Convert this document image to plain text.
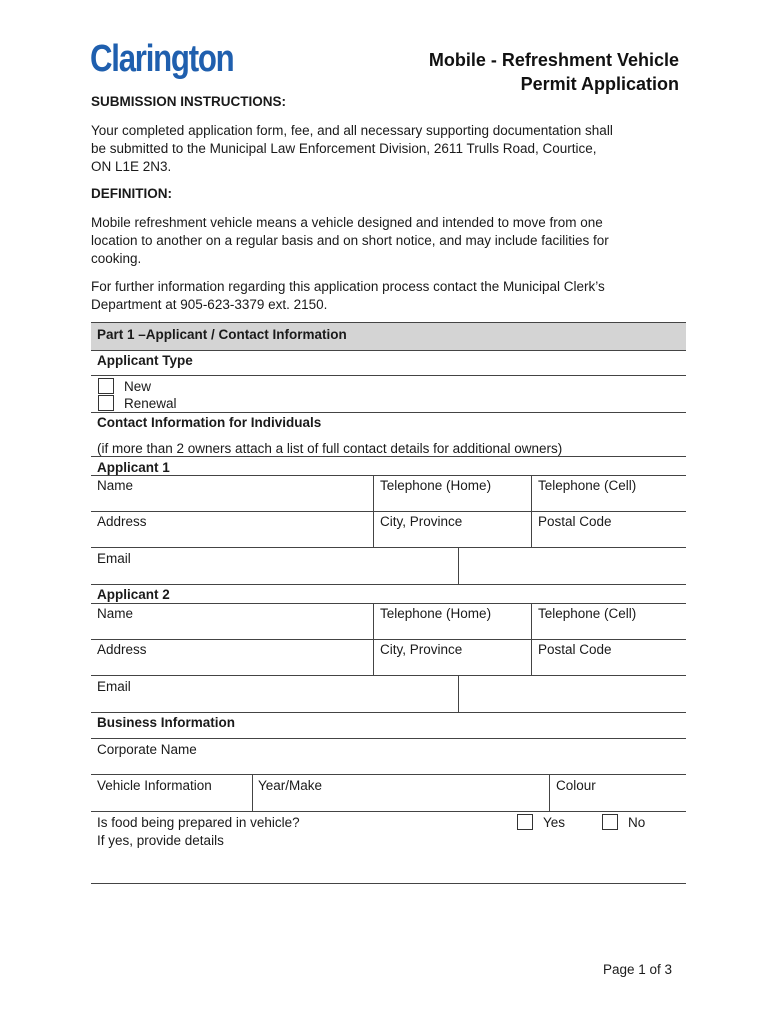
Clarington	Mobile - Refreshment Vehicle
Permit Application
SUBMISSION INSTRUCTIONS:
Your completed application form, fee, and all necessary supporting documentation shall
be submitted to the Municipal Law Enforcement Division, 2611 Trulls Road, Courtice,
ON L1E 2N3.
DEFINITION:
Mobile refreshment vehicle means a vehicle designed and intended to move from one
location to another on a regular basis and on short notice, and may include facilities for
cooking.
For further information regarding this application process contact the Municipal Clerk’s
Department at 905-623-3379 ext. 2150.
Part 1 –Applicant / Contact Information
Applicant Type
New
Renewal
Contact Information for Individuals
(if more than 2 owners attach a list of full contact details for additional owners)
Applicant 1
Name	Telephone (Home)	Telephone (Cell)
Address	City, Province	Postal Code
Email
Applicant 2
Name	Telephone (Home)	Telephone (Cell)
Address	City, Province	Postal Code
Email
Business Information
Corporate Name
Vehicle Information	Year/Make	Colour
Is food being prepared in vehicle?
If yes, provide details
Yes	No
Page 1 of 3
